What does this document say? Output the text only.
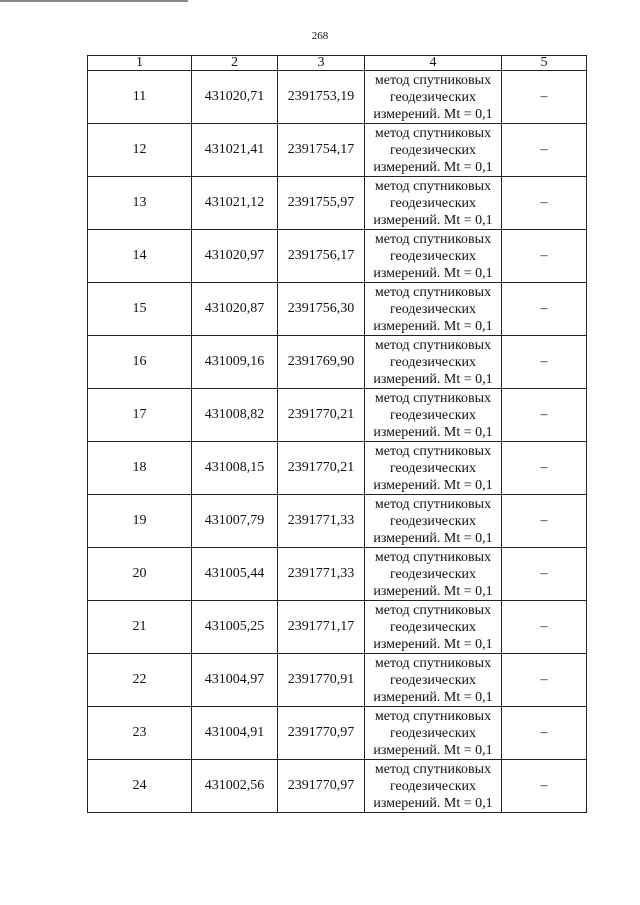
268
1	2	3	4	5
11	431020,71	2391753,19	метод спутниковых
геодезических
измерений. Mt = 0,1	–
12	431021,41	2391754,17	метод спутниковых
геодезических
измерений. Mt = 0,1	–
13	431021,12	2391755,97	метод спутниковых
геодезических
измерений. Mt = 0,1	–
14	431020,97	2391756,17	метод спутниковых
геодезических
измерений. Mt = 0,1	–
15	431020,87	2391756,30	метод спутниковых
геодезических
измерений. Mt = 0,1	–
16	431009,16	2391769,90	метод спутниковых
геодезических
измерений. Mt = 0,1	–
17	431008,82	2391770,21	метод спутниковых
геодезических
измерений. Mt = 0,1	–
18	431008,15	2391770,21	метод спутниковых
геодезических
измерений. Mt = 0,1	–
19	431007,79	2391771,33	метод спутниковых
геодезических
измерений. Mt = 0,1	–
20	431005,44	2391771,33	метод спутниковых
геодезических
измерений. Mt = 0,1	–
21	431005,25	2391771,17	метод спутниковых
геодезических
измерений. Mt = 0,1	–
22	431004,97	2391770,91	метод спутниковых
геодезических
измерений. Mt = 0,1	–
23	431004,91	2391770,97	метод спутниковых
геодезических
измерений. Mt = 0,1	–
24	431002,56	2391770,97	метод спутниковых
геодезических
измерений. Mt = 0,1	–
